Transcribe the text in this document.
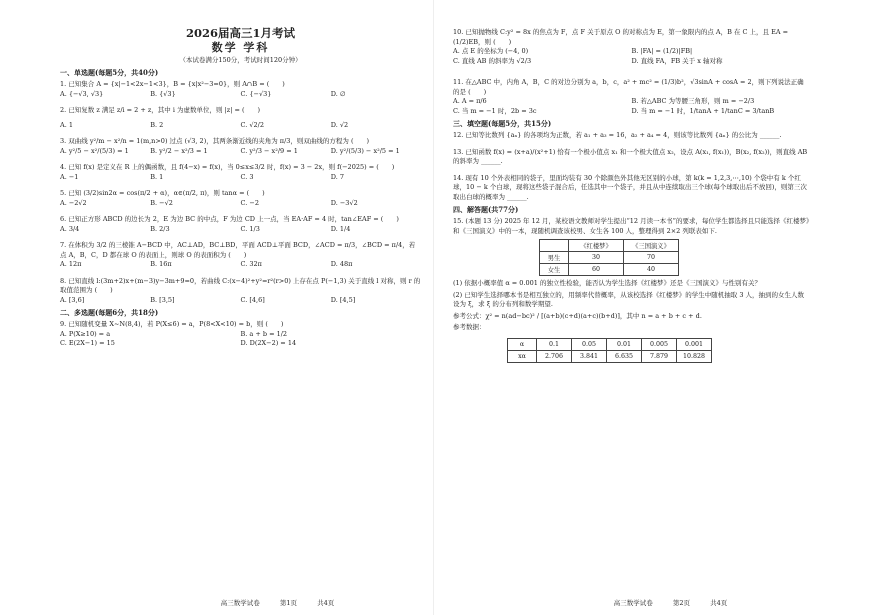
2026届高三1月考试
数学 学科
（本试卷满分150分，考试时间120分钟）
一、单选题(每题5分，共40分)
1. 已知集合 A = {x|−1<2x−1<3}，B = {x|x²−3=0}，则 A∩B = (　　)
A. {−√3, √3}	B. {√3}	C. {−√3}	D. ∅
2. 已知复数 z 满足 z/i = 2 + z，其中 i 为虚数单位，则 |z| = (　　)
A. 1	B. 2	C. √2/2	D. √2
3. 双曲线 y²/m − x²/n = 1(m,n>0) 过点 (√3, 2)，其两条渐近线的夹角为 π/3，则双曲线的方程为 (　　)
A. y²/5 − x²/(5/3) = 1	B. y²/2 − x²/3 = 1	C. y²/3 − x²/9 = 1	D. y²/(5/3) − x²/5 = 1
4. 已知 f(x) 是定义在 R 上的偶函数，且 f(4−x) = f(x)，当 0≤x≤3/2 时，f(x) = 3 − 2x，则 f(−2025) = (　　)
A. −1	B. 1	C. 3	D. 7
5. 已知 (3/2)sin2α = cos(π/2 + α)，α∈(π/2, π)，则 tanα = (　　)
A. −2√2	B. −√2	C. −2	D. −3√2
6. 已知正方形 ABCD 的边长为 2，E 为边 BC 的中点，F 为边 CD 上一点，当 EA·AF = 4 时，tan∠EAF = (　　)
A. 3/4	B. 2/3	C. 1/3	D. 1/4
7. 在体积为 3/2 的三棱锥 A−BCD 中，AC⊥AD，BC⊥BD，平面 ACD⊥平面 BCD，∠ACD = π/3，∠BCD = π/4，若点 A，B，C，D 都在球 O 的表面上，则球 O 的表面积为 (　　)
A. 12π	B. 16π	C. 32π	D. 48π
8. 已知直线 l:(3m+2)x+(m−3)y−3m+9=0，若曲线 C:(x−4)²+y²=r²(r>0) 上存在点 P(−1,3) 关于直线 l 对称，则 r 的取值范围为 (　　)
A. [3,6]	B. [3,5]	C. [4,6]	D. [4,5]
二、多选题(每题6分，共18分)
9. 已知随机变量 X~N(8,4)，若 P(X≤6) = a，P(8<X<10) = b，则 (　　)
A. P(X≥10) = a	B. a + b = 1/2
C. E(2X−1) = 15	D. D(2X−2) = 14
高三数学试卷	第1页	共4页
10. 已知抛物线 C:y² = 8x 的焦点为 F，点 F 关于原点 O 的对称点为 E，第一象限内的点 A，B 在 C 上，且 EA = (1/2)EB，则 (　　)
A. 点 E 的坐标为 (−4, 0)	B. |FA| = (1/2)|FB|
C. 直线 AB 的斜率为 √2/3	D. 直线 FA，FB 关于 x 轴对称
11. 在△ABC 中，内角 A，B，C 的对边分别为 a，b，c，a² + mc² = (1/3)b²，√3sinA + cosA = 2，则下列说法正确的是 (　　)
A. A = π/6	B. 若△ABC 为等腰三角形，则 m = −2/3
C. 当 m = −1 时，2b = 3c	D. 当 m = −1 时，1/tanA + 1/tanC = 3/tanB
三、填空题(每题5分，共15分)
12. 已知等比数列 {aₙ} 的各项均为正数，若 a₁ + a₃ = 16，a₂ + a₄ = 4，则该等比数列 {aₙ} 的公比为 ______.
13. 已知函数 f(x) = (x+a)/(x²+1) 恰有一个极小值点 x₁ 和一个极大值点 x₂，设点 A(x₁, f(x₁))，B(x₂, f(x₂))，则直线 AB 的斜率为 ______.
14. 现有 10 个外表相同的袋子，里面均装有 30 个除颜色外其他无区别的小球，第 k(k = 1,2,3,⋯,10) 个袋中有 k 个红球，10 − k 个白球，现将这些袋子混合后，任选其中一个袋子，并且从中连续取出三个球(每个球取出后不放回)，则第三次取出白球的概率为 ______.
四、解答题(共77分)
15. (本题 13 分) 2025 年 12 月，某校语文教师对学生提出“12 月读一本书”的要求，每位学生都选择且只能选择《红楼梦》和《三国演义》中的一本，现随机调查该校男、女生各 100 人，整理得到 2×2 列联表如下.
	《红楼梦》	《三国演义》
男生	30	70
女生	60	40
(1) 依据小概率值 α = 0.001 的独立性检验，能否认为学生选择《红楼梦》还是《三国演义》与性别有关？
(2) 已知学生选择哪本书是相互独立的，用频率代替概率，从该校选择《红楼梦》的学生中随机抽取 3 人，抽到的女生人数设为 ξ，求 ξ 的分布列和数学期望.
参考公式：χ² = n(ad−bc)² / [(a+b)(c+d)(a+c)(b+d)]，其中 n = a + b + c + d.
参考数据：
α	0.1	0.05	0.01	0.005	0.001
xα	2.706	3.841	6.635	7.879	10.828
高三数学试卷	第2页	共4页
